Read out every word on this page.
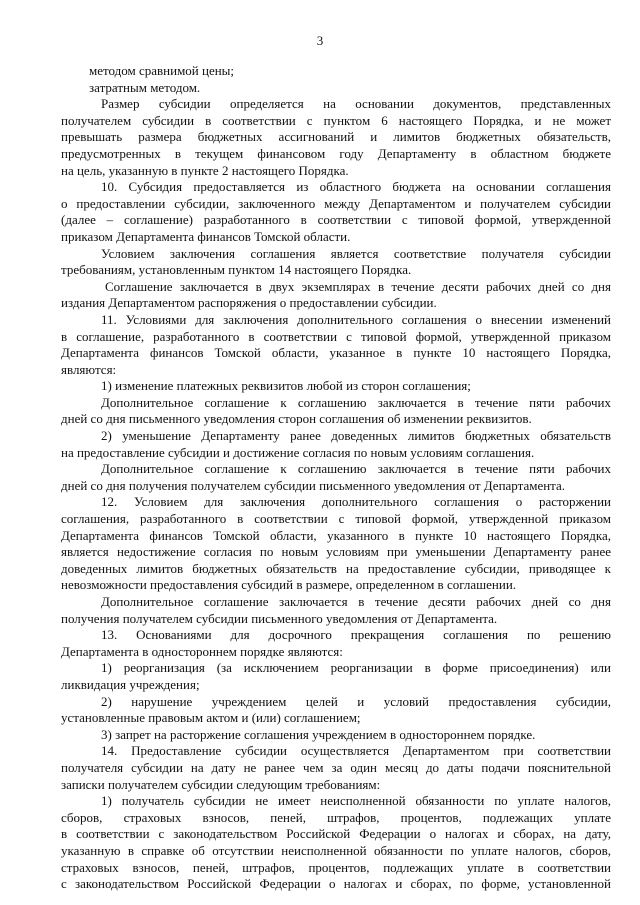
3
методом сравнимой цены;
затратным методом.
Размер субсидии определяется на основании документов, представленных
получателем субсидии в соответствии с пунктом 6 настоящего Порядка, и не может
превышать размера бюджетных ассигнований и лимитов бюджетных обязательств,
предусмотренных в текущем финансовом году Департаменту в областном бюджете
на цель, указанную в пункте 2 настоящего Порядка.
10. Субсидия предоставляется из областного бюджета на основании соглашения
о предоставлении субсидии, заключенного между Департаментом и получателем субсидии
(далее – соглашение) разработанного в соответствии с типовой формой, утвержденной
приказом Департамента финансов Томской области.
Условием заключения соглашения является соответствие получателя субсидии
требованиям, установленным пунктом 14 настоящего Порядка.
Соглашение заключается в двух экземплярах в течение десяти рабочих дней со дня
издания Департаментом распоряжения о предоставлении субсидии.
11. Условиями для заключения дополнительного соглашения о внесении изменений
в соглашение, разработанного в соответствии с типовой формой, утвержденной приказом
Департамента финансов Томской области, указанное в пункте 10 настоящего Порядка,
являются:
1) изменение платежных реквизитов любой из сторон соглашения;
Дополнительное соглашение к соглашению заключается в течение пяти рабочих
дней со дня письменного уведомления сторон соглашения об изменении реквизитов.
2) уменьшение Департаменту ранее доведенных лимитов бюджетных обязательств
на предоставление субсидии и достижение согласия по новым условиям соглашения.
Дополнительное соглашение к соглашению заключается в течение пяти рабочих
дней со дня получения получателем субсидии письменного уведомления от Департамента.
12. Условием для заключения дополнительного соглашения о расторжении
соглашения, разработанного в соответствии с типовой формой, утвержденной приказом
Департамента финансов Томской области, указанного в пункте 10 настоящего Порядка,
является недостижение согласия по новым условиям при уменьшении Департаменту ранее
доведенных лимитов бюджетных обязательств на предоставление субсидии, приводящее к
невозможности предоставления субсидий в размере, определенном в соглашении.
Дополнительное соглашение заключается в течение десяти рабочих дней со дня
получения получателем субсидии письменного уведомления от Департамента.
13. Основаниями для досрочного прекращения соглашения по решению
Департамента в одностороннем порядке являются:
1) реорганизация (за исключением реорганизации в форме присоединения) или
ликвидация учреждения;
2) нарушение учреждением целей и условий предоставления субсидии,
установленные правовым актом и (или) соглашением;
3) запрет на расторжение соглашения учреждением в одностороннем порядке.
14. Предоставление субсидии осуществляется Департаментом при соответствии
получателя субсидии на дату не ранее чем за один месяц до даты подачи пояснительной
записки получателем субсидии следующим требованиям:
1) получатель субсидии не имеет неисполненной обязанности по уплате налогов,
сборов, страховых взносов, пеней, штрафов, процентов, подлежащих уплате
в соответствии с законодательством Российской Федерации о налогах и сборах, на дату,
указанную в справке об отсутствии неисполненной обязанности по уплате налогов, сборов,
страховых взносов, пеней, штрафов, процентов, подлежащих уплате в соответствии
с законодательством Российской Федерации о налогах и сборах, по форме, установленной
